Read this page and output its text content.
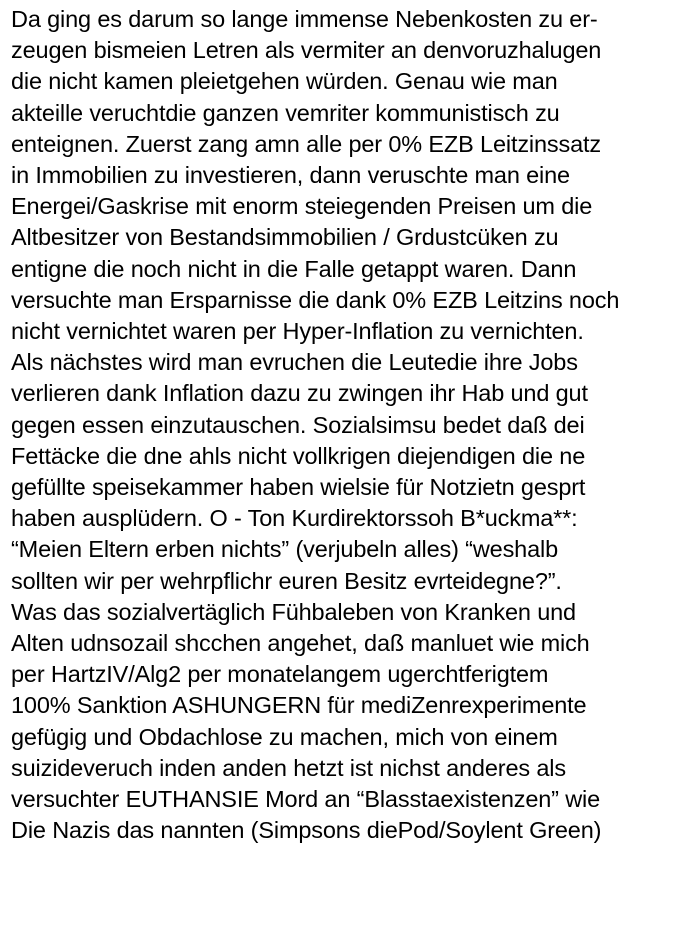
Da ging es darum so lange immense Nebenkosten zu er-
zeugen bismeien Letren als vermiter an denvoruzhalugen
die nicht kamen pleietgehen würden. Genau wie man
akteille veruchtdie ganzen vemriter kommunistisch zu
enteignen. Zuerst zang amn alle per 0% EZB Leitzinssatz
in Immobilien zu investieren, dann veruschte man eine
Energei/Gaskrise mit enorm steiegenden Preisen um die
Altbesitzer von Bestandsimmobilien / Grdustcüken zu
entigne die noch nicht in die Falle getappt waren. Dann
versuchte man Ersparnisse die dank 0% EZB Leitzins noch
nicht vernichtet waren per Hyper-Inflation zu vernichten.
Als nächstes wird man evruchen die Leutedie ihre Jobs
verlieren dank Inflation dazu zu zwingen ihr Hab und gut
gegen essen einzutauschen. Sozialsimsu bedet daß dei
Fettäcke die dne ahls nicht vollkrigen diejendigen die ne
gefüllte speisekammer haben wielsie für Notzietn gesprt
haben ausplüdern. O - Ton Kurdirektorssoh B*uckma**:
“Meien Eltern erben nichts” (verjubeln alles) “weshalb
sollten wir per wehrpflichr euren Besitz evrteidegne?”.
Was das sozialvertäglich Fühbaleben von Kranken und
Alten udnsozail shcchen angehet, daß manluet wie mich
per HartzIV/Alg2 per monatelangem ugerchtferigtem
100% Sanktion ASHUNGERN für mediZenrexperimente
gefügig und Obdachlose zu machen, mich von einem
suizideveruch inden anden hetzt ist nichst anderes als
versuchter EUTHANSIE Mord an “Blasstaexistenzen” wie
Die Nazis das nannten (Simpsons diePod/Soylent Green)
